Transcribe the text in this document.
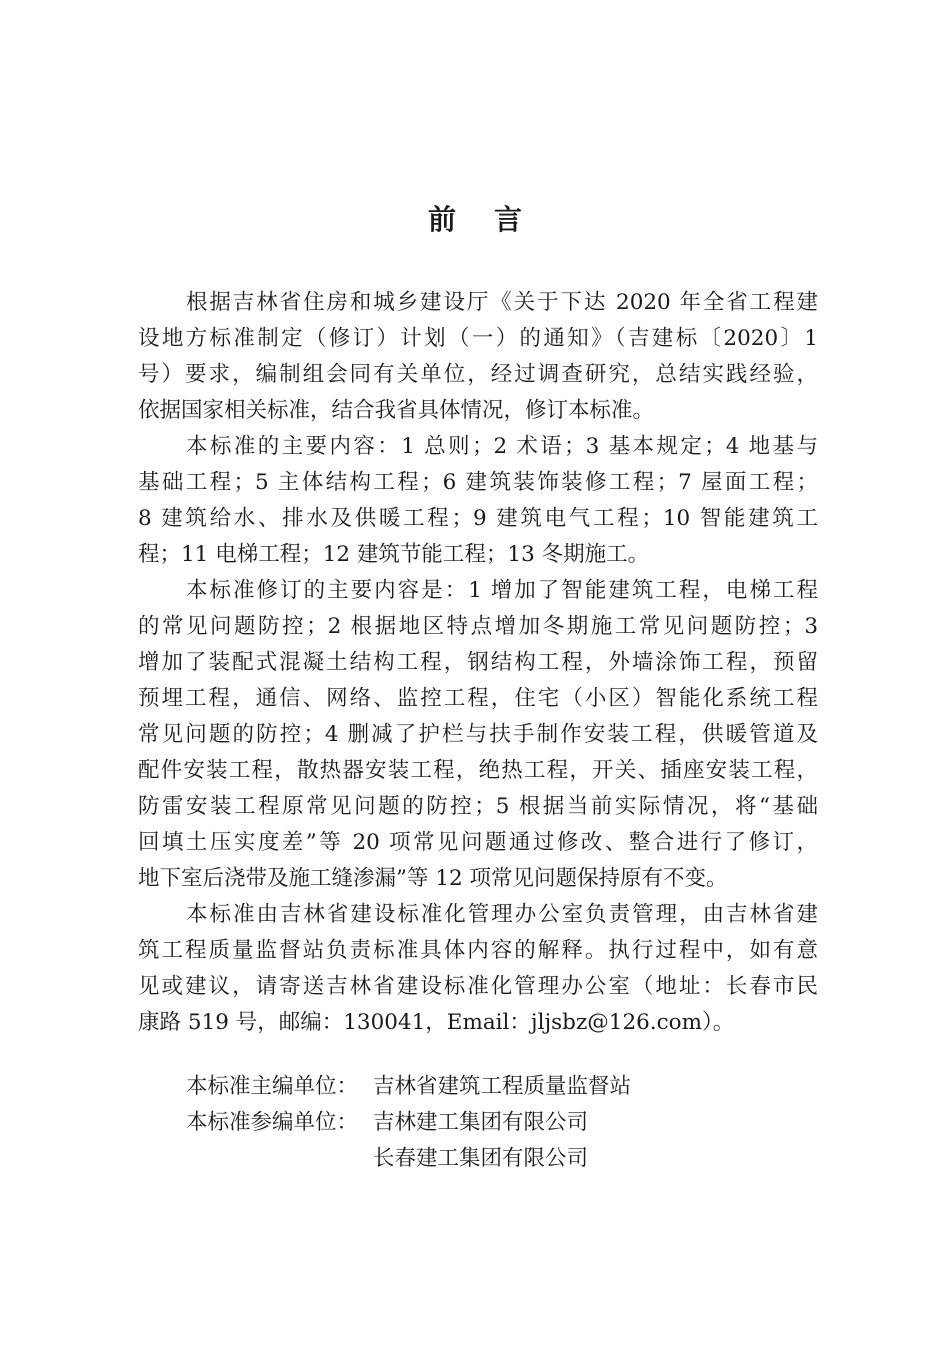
前 言
根据吉林省住房和城乡建设厅《关于下达 2020 年全省工程建
设地方标准制定（修订）计划（一）的通知》（吉建标〔2020〕1
号）要求，编制组会同有关单位，经过调查研究，总结实践经验，
依据国家相关标准，结合我省具体情况，修订本标准。
本标准的主要内容：1 总则；2 术语；3 基本规定；4 地基与
基础工程；5 主体结构工程；6 建筑装饰装修工程；7 屋面工程；
8 建筑给水、排水及供暖工程；9 建筑电气工程；10 智能建筑工
程；11 电梯工程；12 建筑节能工程；13 冬期施工。
本标准修订的主要内容是：1 增加了智能建筑工程，电梯工程
的常见问题防控；2 根据地区特点增加冬期施工常见问题防控；3
增加了装配式混凝土结构工程，钢结构工程，外墙涂饰工程，预留
预埋工程，通信、网络、监控工程，住宅（小区）智能化系统工程
常见问题的防控；4 删减了护栏与扶手制作安装工程，供暖管道及
配件安装工程，散热器安装工程，绝热工程，开关、插座安装工程，
防雷安装工程原常见问题的防控；5 根据当前实际情况，将“基础
回填土压实度差”等 20 项常见问题通过修改、整合进行了修订，
地下室后浇带及施工缝渗漏”等 12 项常见问题保持原有不变。
本标准由吉林省建设标准化管理办公室负责管理，由吉林省建
筑工程质量监督站负责标准具体内容的解释。执行过程中，如有意
见或建议，请寄送吉林省建设标准化管理办公室（地址：长春市民
康路 519 号，邮编：130041，Email：jljsbz@126.com）。
本标准主编单位： 吉林省建筑工程质量监督站
本标准参编单位： 吉林建工集团有限公司
长春建工集团有限公司
